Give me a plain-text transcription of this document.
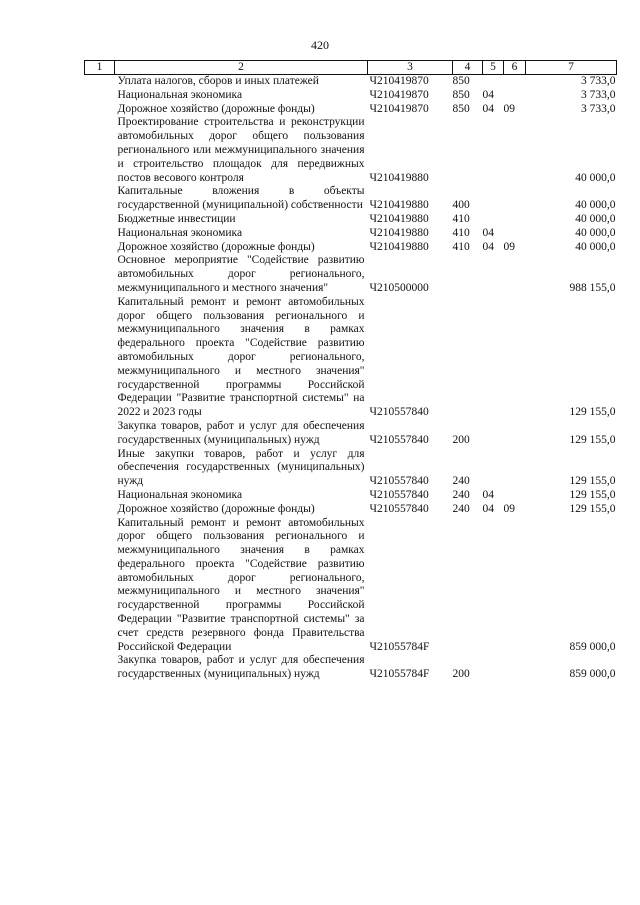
420
1	2	3	4	5	6	7
	Уплата налогов, сборов и иных платежей	Ч210419870	850			3 733,0
	Национальная экономика	Ч210419870	850	04		3 733,0
	Дорожное хозяйство (дорожные фонды)	Ч210419870	850	04	09	3 733,0
	Проектирование строительства и реконструкции автомобильных дорог общего пользования регионального или межмуниципального значения и строительство площадок для передвижных постов весового контроля	Ч210419880				40 000,0
	Капитальные вложения в объекты государственной (муниципальной) собственности	Ч210419880	400			40 000,0
	Бюджетные инвестиции	Ч210419880	410			40 000,0
	Национальная экономика	Ч210419880	410	04		40 000,0
	Дорожное хозяйство (дорожные фонды)	Ч210419880	410	04	09	40 000,0
	Основное мероприятие "Содействие развитию автомобильных дорог регионального, межмуниципального и местного значения"	Ч210500000				988 155,0
	Капитальный ремонт и ремонт автомобильных дорог общего пользования регионального и межмуниципального значения в рамках федерального проекта "Содействие развитию автомобильных дорог регионального, межмуниципального и местного значения" государственной программы Российской Федерации "Развитие транспортной системы" на 2022 и 2023 годы	Ч210557840				129 155,0
	Закупка товаров, работ и услуг для обеспечения государственных (муниципальных) нужд	Ч210557840	200			129 155,0
	Иные закупки товаров, работ и услуг для обеспечения государственных (муниципальных) нужд	Ч210557840	240			129 155,0
	Национальная экономика	Ч210557840	240	04		129 155,0
	Дорожное хозяйство (дорожные фонды)	Ч210557840	240	04	09	129 155,0
	Капитальный ремонт и ремонт автомобильных дорог общего пользования регионального и межмуниципального значения в рамках федерального проекта "Содействие развитию автомобильных дорог регионального, межмуниципального и местного значения" государственной программы Российской Федерации "Развитие транспортной системы" за счет средств резервного фонда Правительства Российской Федерации	Ч21055784F				859 000,0
	Закупка товаров, работ и услуг для обеспечения государственных (муниципальных) нужд	Ч21055784F	200			859 000,0
